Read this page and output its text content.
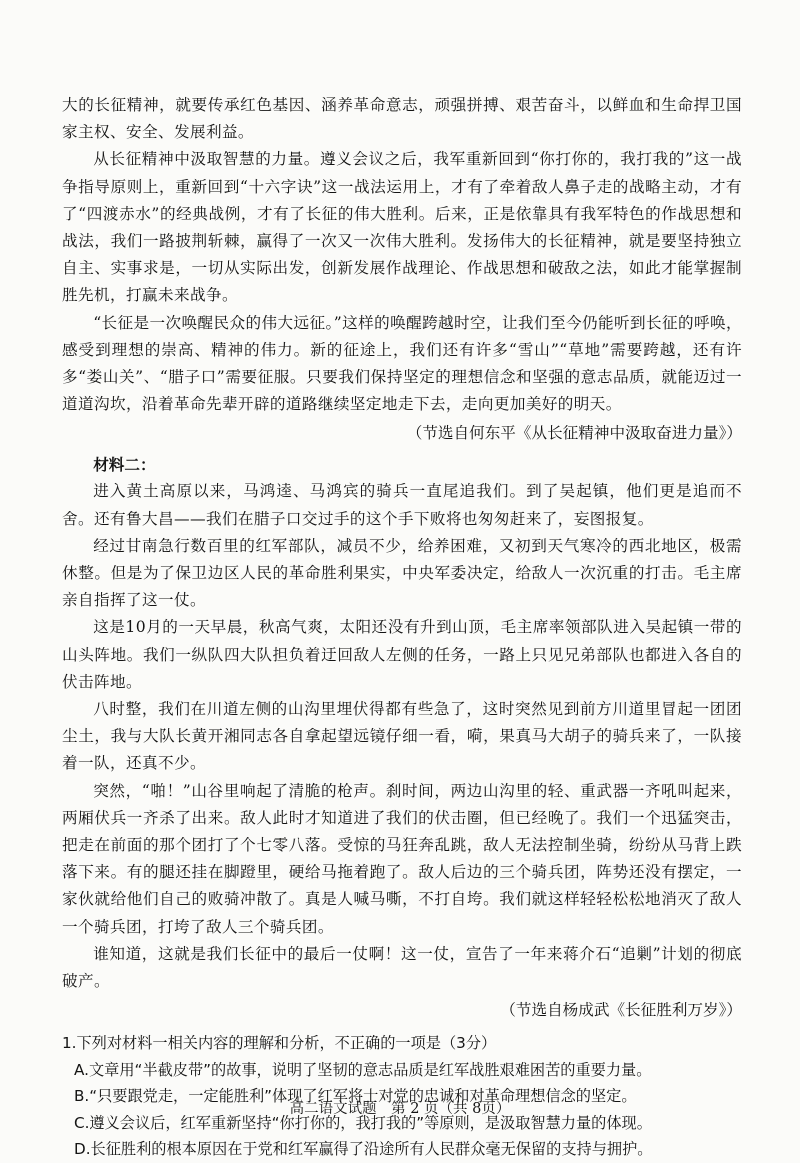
大的长征精神，就要传承红色基因、涵养革命意志，顽强拼搏、艰苦奋斗，以鲜血和生命捍卫国家主权、安全、发展利益。

从长征精神中汲取智慧的力量。遵义会议之后，我军重新回到“你打你的，我打我的”这一战争指导原则上，重新回到“十六字诀”这一战法运用上，才有了牵着敌人鼻子走的战略主动，才有了“四渡赤水”的经典战例，才有了长征的伟大胜利。后来，正是依靠具有我军特色的作战思想和战法，我们一路披荆斩棘，赢得了一次又一次伟大胜利。发扬伟大的长征精神，就是要坚持独立自主、实事求是，一切从实际出发，创新发展作战理论、作战思想和破敌之法，如此才能掌握制胜先机，打赢未来战争。

“长征是一次唤醒民众的伟大远征。”这样的唤醒跨越时空，让我们至今仍能听到长征的呼唤，感受到理想的崇高、精神的伟力。新的征途上，我们还有许多“雪山”“草地”需要跨越，还有许多“娄山关”、“腊子口”需要征服。只要我们保持坚定的理想信念和坚强的意志品质，就能迈过一道道沟坎，沿着革命先辈开辟的道路继续坚定地走下去，走向更加美好的明天。

（节选自何东平《从长征精神中汲取奋进力量》）
材料二：

进入黄土高原以来，马鸿逵、马鸿宾的骑兵一直尾追我们。到了吴起镇，他们更是追而不舍。还有鲁大昌——我们在腊子口交过手的这个手下败将也匆匆赶来了，妄图报复。

经过甘南急行数百里的红军部队，减员不少，给养困难，又初到天气寒冷的西北地区，极需休整。但是为了保卫边区人民的革命胜利果实，中央军委决定，给敌人一次沉重的打击。毛主席亲自指挥了这一仗。

这是10月的一天早晨，秋高气爽，太阳还没有升到山顶，毛主席率领部队进入吴起镇一带的山头阵地。我们一纵队四大队担负着迂回敌人左侧的任务，一路上只见兄弟部队也都进入各自的伏击阵地。

八时整，我们在川道左侧的山沟里埋伏得都有些急了，这时突然见到前方川道里冒起一团团尘土，我与大队长黄开湘同志各自拿起望远镜仔细一看，嗬，果真马大胡子的骑兵来了，一队接着一队，还真不少。

突然，“啪！”山谷里响起了清脆的枪声。刹时间，两边山沟里的轻、重武器一齐吼叫起来，两厢伏兵一齐杀了出来。敌人此时才知道进了我们的伏击圈，但已经晚了。我们一个迅猛突击，把走在前面的那个团打了个七零八落。受惊的马狂奔乱跳，敌人无法控制坐骑，纷纷从马背上跌落下来。有的腿还挂在脚蹬里，硬给马拖着跑了。敌人后边的三个骑兵团，阵势还没有摆定，一家伙就给他们自己的败骑冲散了。真是人喊马嘶，不打自垮。我们就这样轻轻松松地消灭了敌人一个骑兵团，打垮了敌人三个骑兵团。

谁知道，这就是我们长征中的最后一仗啊！这一仗，宣告了一年来蒋介石“追剿”计划的彻底破产。

（节选自杨成武《长征胜利万岁》）
1.下列对材料一相关内容的理解和分析，不正确的一项是（3分）
A.文章用“半截皮带”的故事，说明了坚韧的意志品质是红军战胜艰难困苦的重要力量。
B.“只要跟党走，一定能胜利”体现了红军将士对党的忠诚和对革命理想信念的坚定。
C.遵义会议后，红军重新坚持“你打你的，我打我的”等原则，是汲取智慧力量的体现。
D.长征胜利的根本原因在于党和红军赢得了沿途所有人民群众毫无保留的支持与拥护。
高二语文试题　第 2 页（共 8页）
